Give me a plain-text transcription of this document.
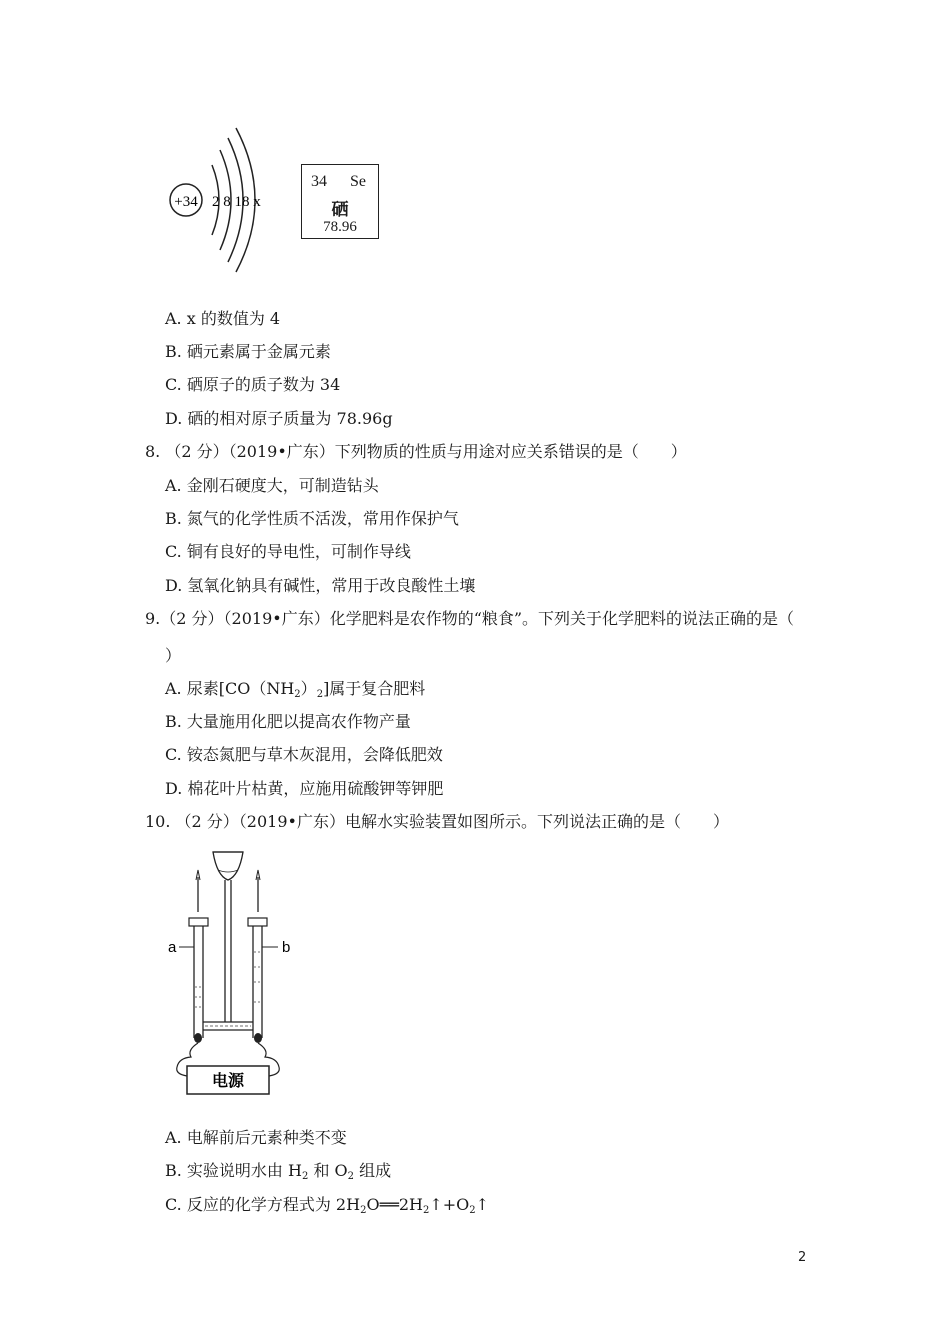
+34 2 8 18 x
34 Se
硒
78.96
A. x 的数值为 4
B. 硒元素属于金属元素
C. 硒原子的质子数为 34
D. 硒的相对原子质量为 78.96g
8. （2 分）（2019•广东）下列物质的性质与用途对应关系错误的是（　　）
A. 金刚石硬度大，可制造钻头
B. 氮气的化学性质不活泼，常用作保护气
C. 铜有良好的导电性，可制作导线
D. 氢氧化钠具有碱性，常用于改良酸性土壤
9.（2 分）（2019•广东）化学肥料是农作物的“粮食”。下列关于化学肥料的说法正确的是（
）
A. 尿素$[CO(NH_2)_2]$属于复合肥料
B. 大量施用化肥以提高农作物产量
C. 铵态氮肥与草木灰混用，会降低肥效
D. 棉花叶片枯黄，应施用硫酸钾等钾肥
10. （2 分）（2019•广东）电解水实验装置如图所示。下列说法正确的是（　　）
a	b
电源
A. 电解前后元素种类不变
B. 实验说明水由 $H_2$ 和 $O_2$ 组成
C. 反应的化学方程式为 $2H_2O══2H_2↑+O_2↑$
2
